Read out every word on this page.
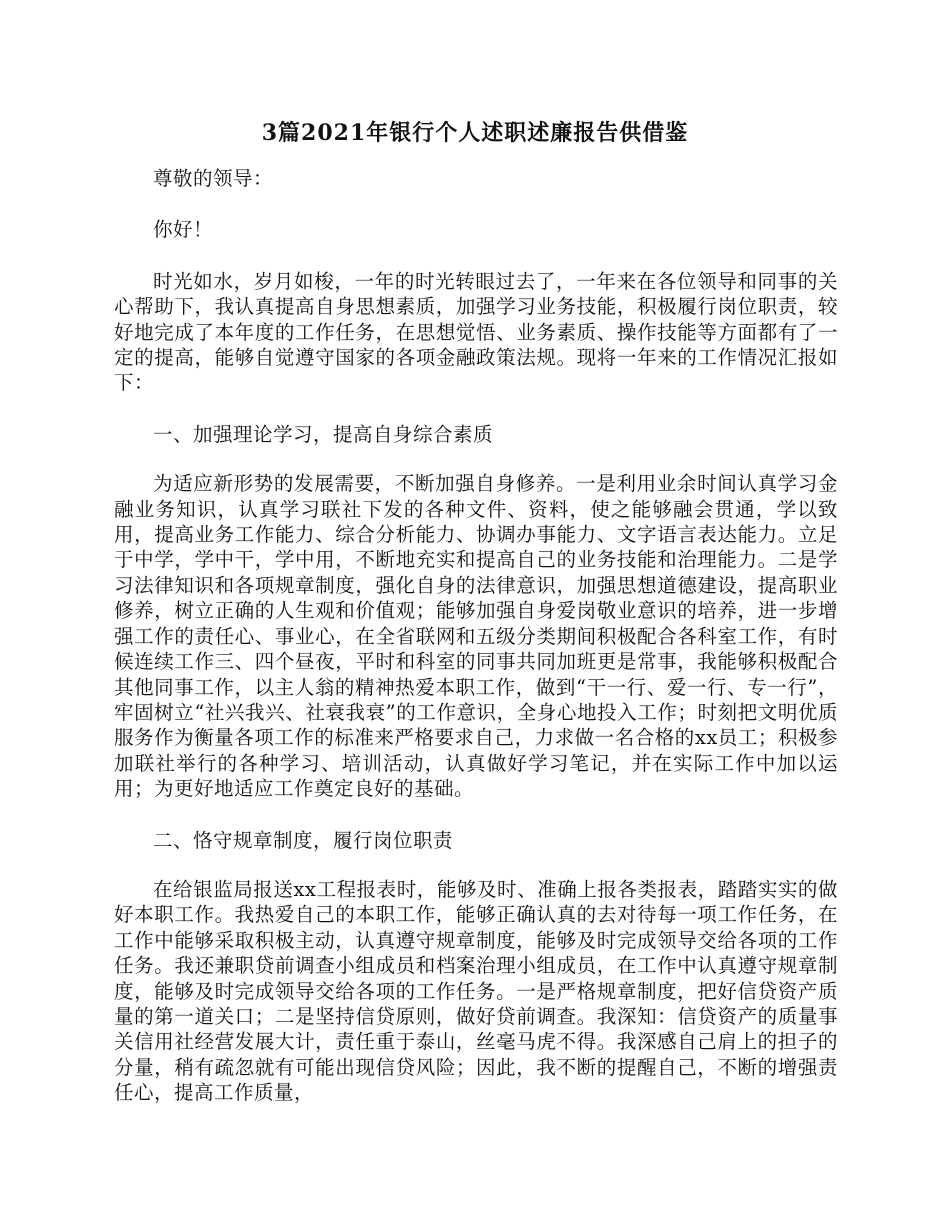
3篇2021年银行个人述职述廉报告供借鉴

尊敬的领导：

你好！

时光如水，岁月如梭，一年的时光转眼过去了，一年来在各位领导和同事的关心帮助下，我认真提高自身思想素质，加强学习业务技能，积极履行岗位职责，较好地完成了本年度的工作任务，在思想觉悟、业务素质、操作技能等方面都有了一定的提高，能够自觉遵守国家的各项金融政策法规。现将一年来的工作情况汇报如下：

一、加强理论学习，提高自身综合素质

为适应新形势的发展需要，不断加强自身修养。一是利用业余时间认真学习金融业务知识，认真学习联社下发的各种文件、资料，使之能够融会贯通，学以致用，提高业务工作能力、综合分析能力、协调办事能力、文字语言表达能力。立足于中学，学中干，学中用，不断地充实和提高自己的业务技能和治理能力。二是学习法律知识和各项规章制度，强化自身的法律意识，加强思想道德建设，提高职业修养，树立正确的人生观和价值观；能够加强自身爱岗敬业意识的培养，进一步增强工作的责任心、事业心，在全省联网和五级分类期间积极配合各科室工作，有时候连续工作三、四个昼夜，平时和科室的同事共同加班更是常事，我能够积极配合其他同事工作，以主人翁的精神热爱本职工作，做到“干一行、爱一行、专一行”，牢固树立“社兴我兴、社衰我衰”的工作意识，全身心地投入工作；时刻把文明优质服务作为衡量各项工作的标准来严格要求自己，力求做一名合格的xx员工；积极参加联社举行的各种学习、培训活动，认真做好学习笔记，并在实际工作中加以运用；为更好地适应工作奠定良好的基础。

二、恪守规章制度，履行岗位职责

在给银监局报送xx工程报表时，能够及时、准确上报各类报表，踏踏实实的做好本职工作。我热爱自己的本职工作，能够正确认真的去对待每一项工作任务，在工作中能够采取积极主动，认真遵守规章制度，能够及时完成领导交给各项的工作任务。我还兼职贷前调查小组成员和档案治理小组成员，在工作中认真遵守规章制度，能够及时完成领导交给各项的工作任务。一是严格规章制度，把好信贷资产质量的第一道关口；二是坚持信贷原则，做好贷前调查。我深知：信贷资产的质量事关信用社经营发展大计，责任重于泰山，丝毫马虎不得。我深感自己肩上的担子的分量，稍有疏忽就有可能出现信贷风险；因此，我不断的提醒自己，不断的增强责任心，提高工作质量，
